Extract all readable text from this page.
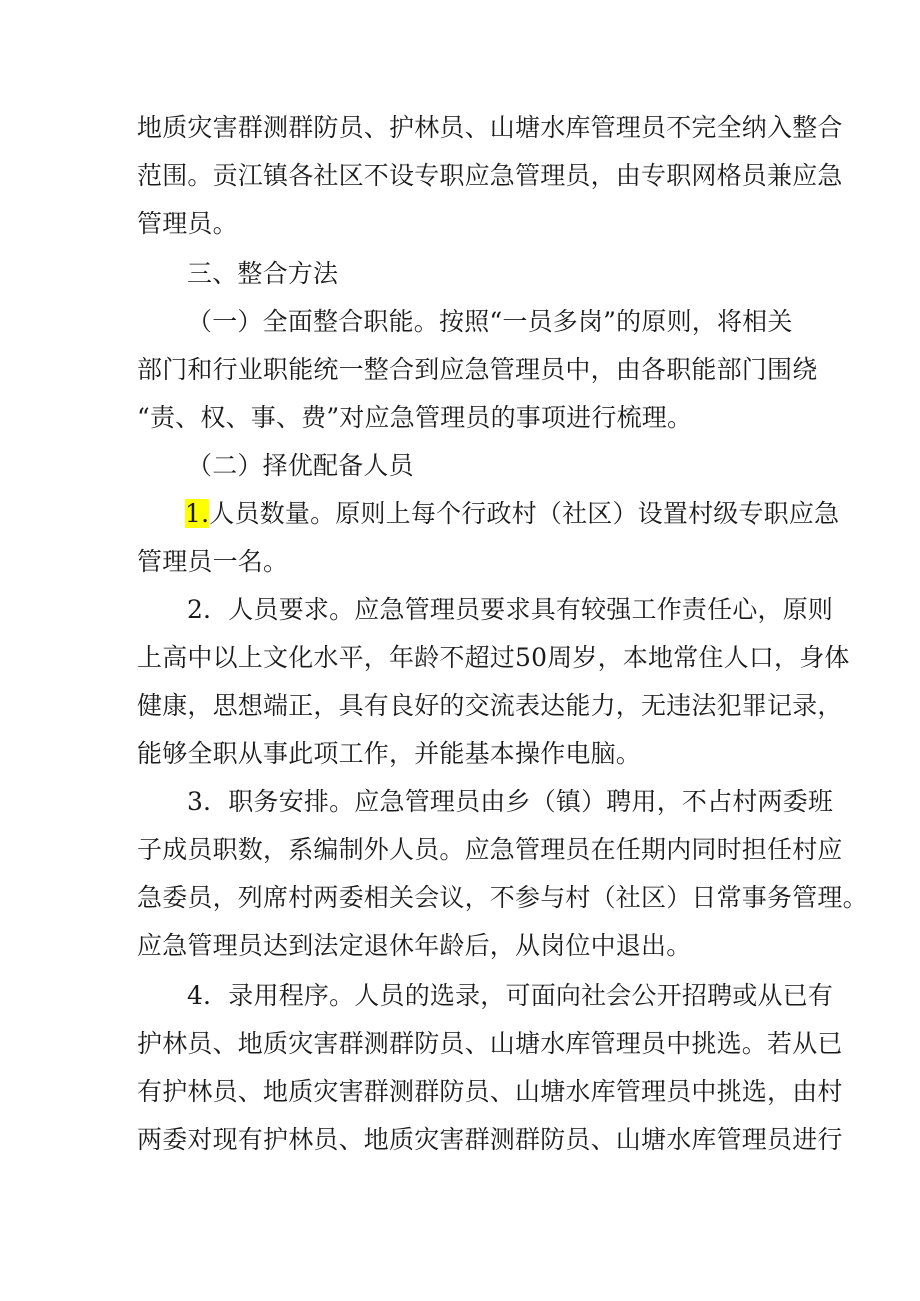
地质灾害群测群防员、护林员、山塘水库管理员不完全纳入整合
范围。贡江镇各社区不设专职应急管理员，由专职网格员兼应急
管理员。
三、整合方法
（一）全面整合职能。按照“一员多岗”的原则，将相关
部门和行业职能统一整合到应急管理员中，由各职能部门围绕
“责、权、事、费”对应急管理员的事项进行梳理。
（二）择优配备人员
1.人员数量。原则上每个行政村（社区）设置村级专职应急
管理员一名。
2．人员要求。应急管理员要求具有较强工作责任心，原则
上高中以上文化水平，年龄不超过50周岁，本地常住人口，身体
健康，思想端正，具有良好的交流表达能力，无违法犯罪记录，
能够全职从事此项工作，并能基本操作电脑。
3．职务安排。应急管理员由乡（镇）聘用，不占村两委班
子成员职数，系编制外人员。应急管理员在任期内同时担任村应
急委员，列席村两委相关会议，不参与村（社区）日常事务管理。
应急管理员达到法定退休年龄后，从岗位中退出。
4．录用程序。人员的选录，可面向社会公开招聘或从已有
护林员、地质灾害群测群防员、山塘水库管理员中挑选。若从已
有护林员、地质灾害群测群防员、山塘水库管理员中挑选，由村
两委对现有护林员、地质灾害群测群防员、山塘水库管理员进行
